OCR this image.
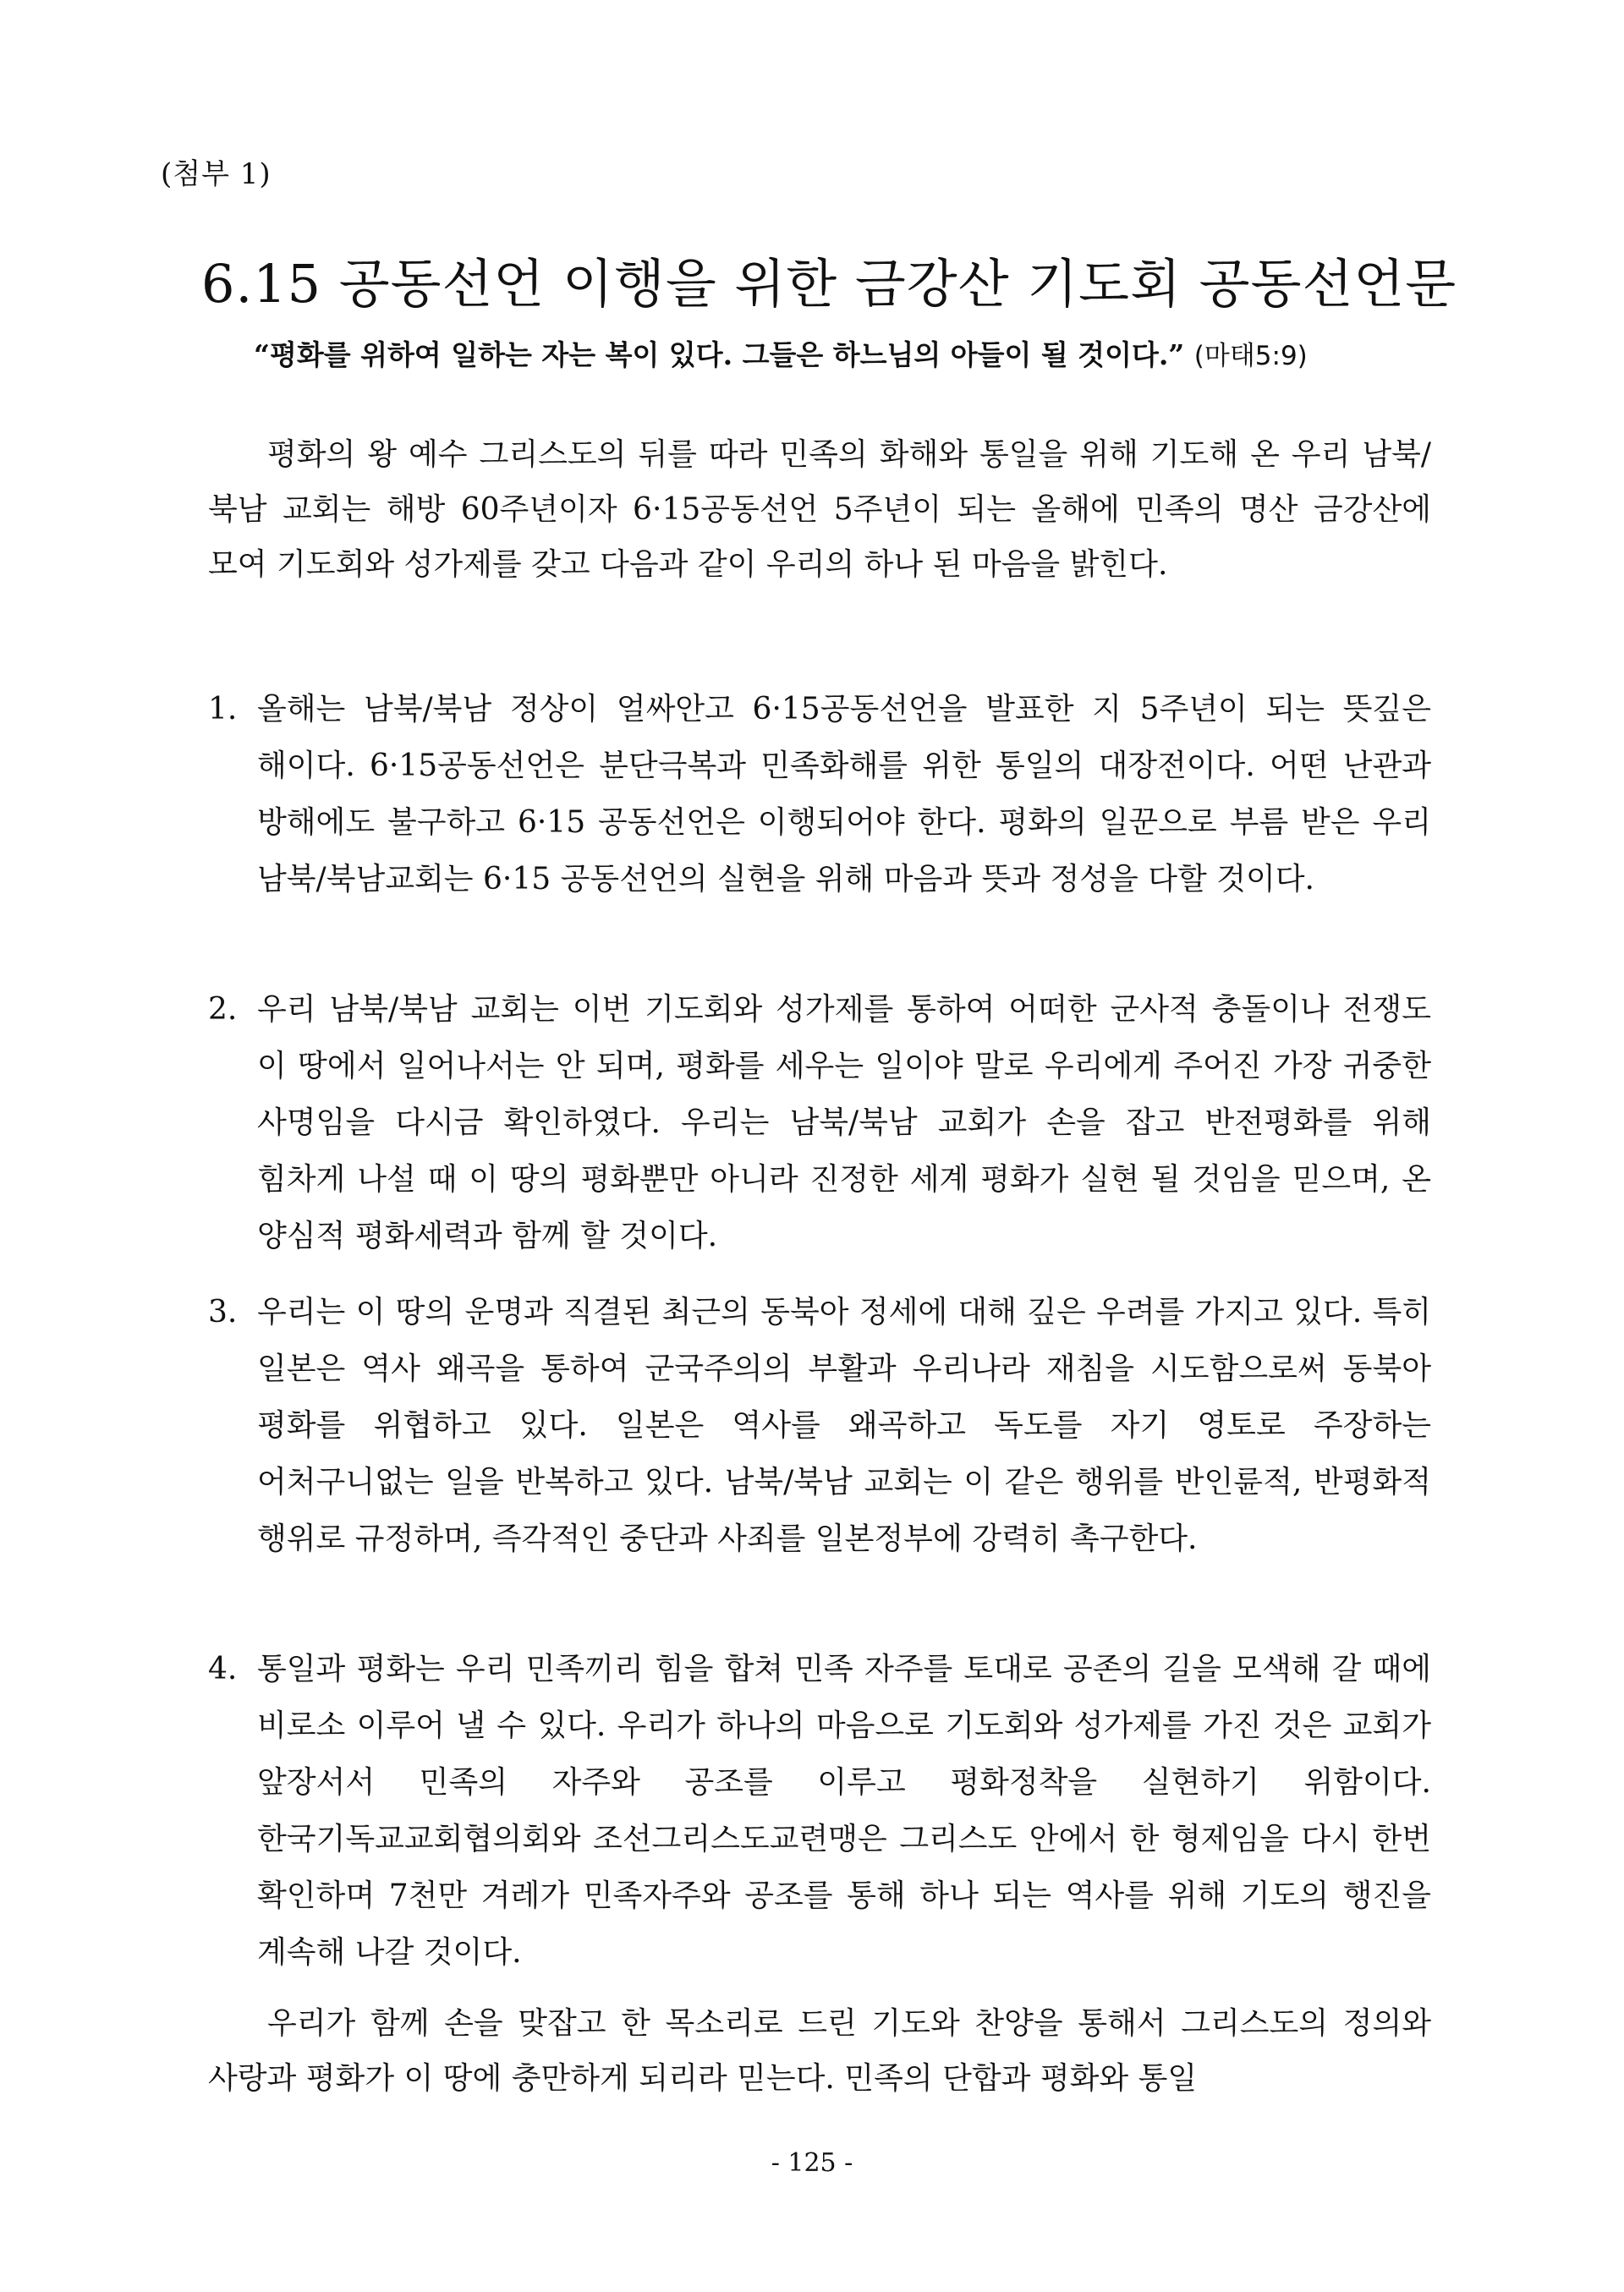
(첨부 1)
6.15 공동선언 이행을 위한 금강산 기도회 공동선언문
“평화를 위하여 일하는 자는 복이 있다. 그들은 하느님의 아들이 될 것이다.” (마태5:9)
평화의 왕 예수 그리스도의 뒤를 따라 민족의 화해와 통일을 위해 기도해 온 우리 남북/북남 교회는 해방 60주년이자 6·15공동선언 5주년이 되는 올해에 민족의 명산 금강산에 모여 기도회와 성가제를 갖고 다음과 같이 우리의 하나 된 마음을 밝힌다.
1. 올해는 남북/북남 정상이 얼싸안고 6·15공동선언을 발표한 지 5주년이 되는 뜻깊은 해이다. 6·15공동선언은 분단극복과 민족화해를 위한 통일의 대장전이다. 어떤 난관과 방해에도 불구하고 6·15 공동선언은 이행되어야 한다. 평화의 일꾼으로 부름 받은 우리 남북/북남교회는 6·15 공동선언의 실현을 위해 마음과 뜻과 정성을 다할 것이다.
2. 우리 남북/북남 교회는 이번 기도회와 성가제를 통하여 어떠한 군사적 충돌이나 전쟁도 이 땅에서 일어나서는 안 되며, 평화를 세우는 일이야 말로 우리에게 주어진 가장 귀중한 사명임을 다시금 확인하였다. 우리는 남북/북남 교회가 손을 잡고 반전평화를 위해 힘차게 나설 때 이 땅의 평화뿐만 아니라 진정한 세계 평화가 실현 될 것임을 믿으며, 온 양심적 평화세력과 함께 할 것이다.
3. 우리는 이 땅의 운명과 직결된 최근의 동북아 정세에 대해 깊은 우려를 가지고 있다. 특히 일본은 역사 왜곡을 통하여 군국주의의 부활과 우리나라 재침을 시도함으로써 동북아 평화를 위협하고 있다. 일본은 역사를 왜곡하고 독도를 자기 영토로 주장하는 어처구니없는 일을 반복하고 있다. 남북/북남 교회는 이 같은 행위를 반인륜적, 반평화적 행위로 규정하며, 즉각적인 중단과 사죄를 일본정부에 강력히 촉구한다.
4. 통일과 평화는 우리 민족끼리 힘을 합쳐 민족 자주를 토대로 공존의 길을 모색해 갈 때에 비로소 이루어 낼 수 있다. 우리가 하나의 마음으로 기도회와 성가제를 가진 것은 교회가 앞장서서 민족의 자주와 공조를 이루고 평화정착을 실현하기 위함이다. 한국기독교교회협의회와 조선그리스도교련맹은 그리스도 안에서 한 형제임을 다시 한번 확인하며 7천만 겨레가 민족자주와 공조를 통해 하나 되는 역사를 위해 기도의 행진을 계속해 나갈 것이다.
우리가 함께 손을 맞잡고 한 목소리로 드린 기도와 찬양을 통해서 그리스도의 정의와 사랑과 평화가 이 땅에 충만하게 되리라 믿는다. 민족의 단합과 평화와 통일
- 125 -
